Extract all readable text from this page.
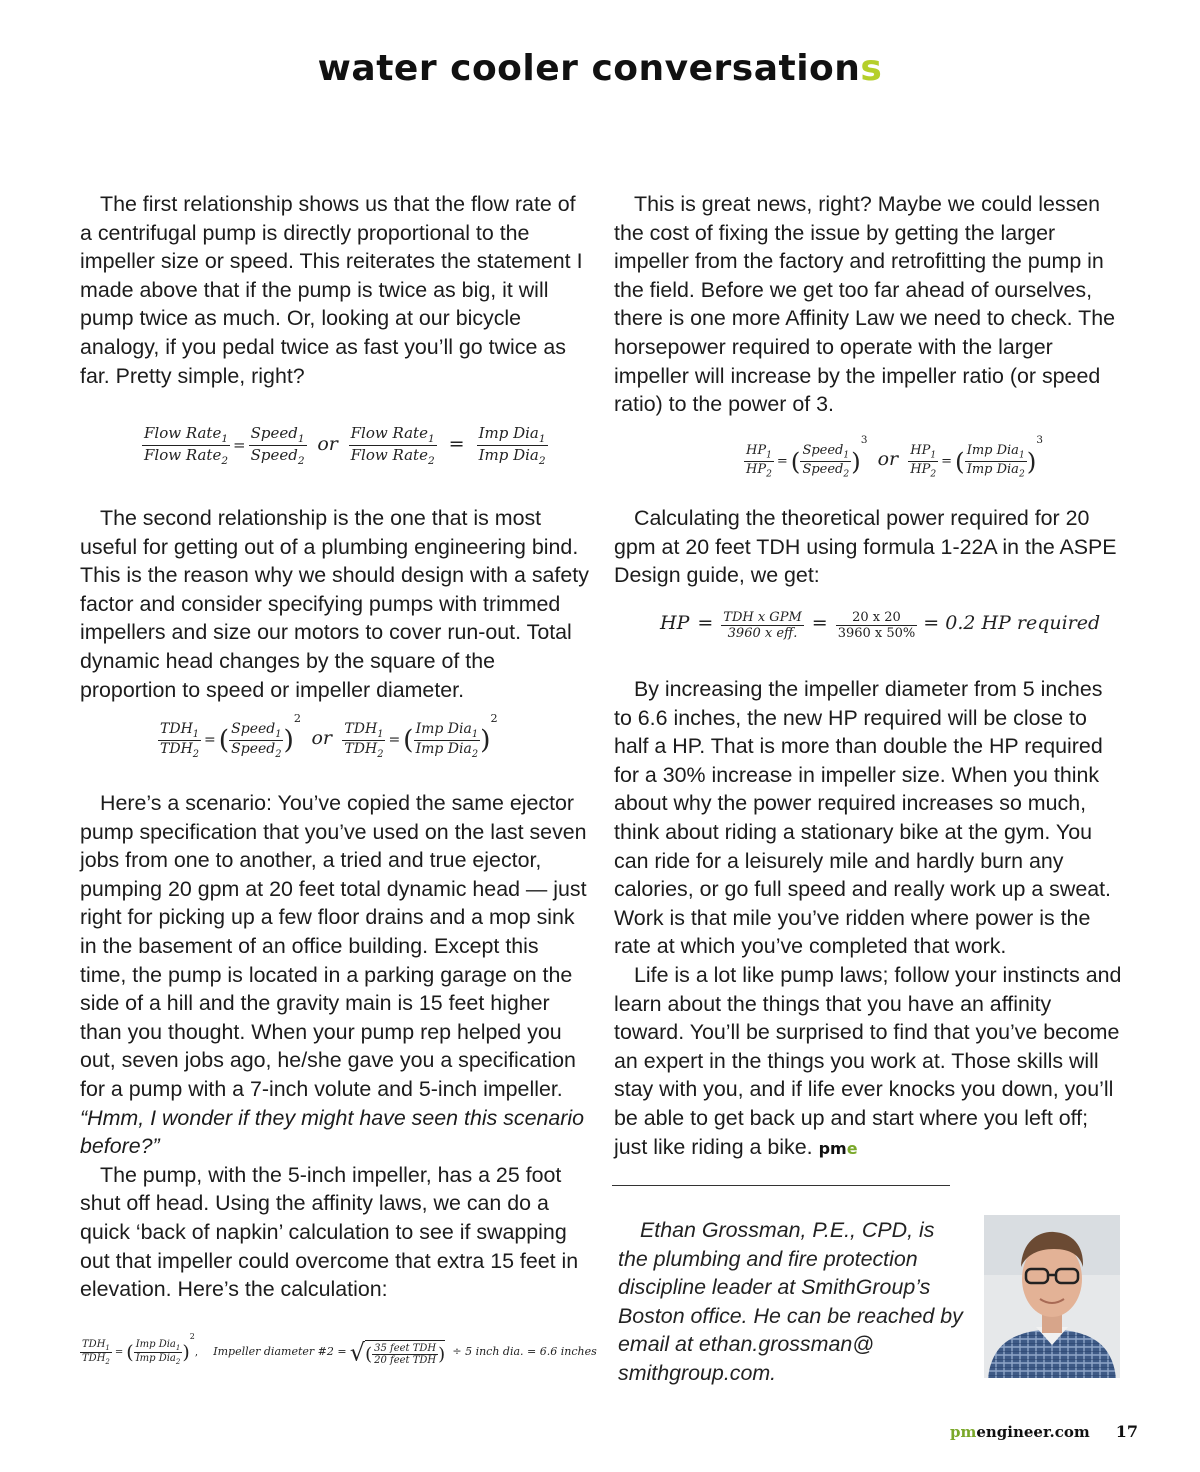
water cooler conversations

The first relationship shows us that the flow rate of a centrifugal pump is directly proportional to the impeller size or speed. This reiterates the statement I made above that if the pump is twice as big, it will pump twice as much. Or, looking at our bicycle analogy, if you pedal twice as fast you’ll go twice as far. Pretty simple, right?

$\frac{Flow Rate_1}{Flow Rate_2} = \frac{Speed_1}{Speed_2}$ or $\frac{Flow Rate_1}{Flow Rate_2} = \frac{Imp Dia_1}{Imp Dia_2}$

The second relationship is the one that is most useful for getting out of a plumbing engineering bind. This is the reason why we should design with a safety factor and consider specifying pumps with trimmed impellers and size our motors to cover run-out. Total dynamic head changes by the square of the proportion to speed or impeller diameter.

$\frac{TDH_1}{TDH_2}$ = ( $\frac{Speed_1}{Speed_2} )^2$ or $\frac{TDH_1}{TDH_2}$ = ( $\frac{Imp Dia_1}{Imp Dia_2} )^2$

Here’s a scenario: You’ve copied the same ejector pump specification that you’ve used on the last seven jobs from one to another, a tried and true ejector, pumping 20 gpm at 20 feet total dynamic head — just right for picking up a few floor drains and a mop sink in the basement of an office building. Except this time, the pump is located in a parking garage on the side of a hill and the gravity main is 15 feet higher than you thought. When your pump rep helped you out, seven jobs ago, he/she gave you a specification for a pump with a 7-inch volute and 5-inch impeller. “Hmm, I wonder if they might have seen this scenario before?”

The pump, with the 5-inch impeller, has a 25 foot shut off head. Using the affinity laws, we can do a quick ‘back of napkin’ calculation to see if swapping out that impeller could overcome that extra 15 feet in elevation. Here’s the calculation:

$\frac{TDH_1}{TDH_2}$ = ( $\frac{Imp Dia_1}{Imp Dia_2} )^2$, Impeller diameter #2 = √( $\frac{\text{35 feet TDH}}{\text{20 feet TDH}}$ ) ÷ 5 inch dia. = 6.6 inches

This is great news, right? Maybe we could lessen the cost of fixing the issue by getting the larger impeller from the factory and retrofitting the pump in the field. Before we get too far ahead of ourselves, there is one more Affinity Law we need to check. The horsepower required to operate with the larger impeller will increase by the impeller ratio (or speed ratio) to the power of 3.

$\frac{HP_1}{HP_2}$ = ( $\frac{Speed_1}{Speed_2} )^3$ or $\frac{HP_1}{HP_2}$ = ( $\frac{Imp Dia_1}{Imp Dia_2} )^3$

Calculating the theoretical power required for 20 gpm at 20 feet TDH using formula 1-22A in the ASPE Design guide, we get:

HP = $\frac{\text{TDH x GPM}}{\text{3960 x eff.}} = \frac{20 x 20}{3960 x 50\%} = 0.2$ HP required

By increasing the impeller diameter from 5 inches to 6.6 inches, the new HP required will be close to half a HP. That is more than double the HP required for a 30% increase in impeller size. When you think about why the power required increases so much, think about riding a stationary bike at the gym. You can ride for a leisurely mile and hardly burn any calories, or go full speed and really work up a sweat. Work is that mile you’ve ridden where power is the rate at which you’ve completed that work.

Life is a lot like pump laws; follow your instincts and learn about the things that you have an affinity toward. You’ll be surprised to find that you’ve become an expert in the things you work at. Those skills will stay with you, and if life ever knocks you down, you’ll be able to get back up and start where you left off; just like riding a bike. pme

Ethan Grossman, P.E., CPD, is the plumbing and fire protection discipline leader at SmithGroup’s Boston office. He can be reached by email at ethan.grossman@ smithgroup.com.

pmengineer.com 17
